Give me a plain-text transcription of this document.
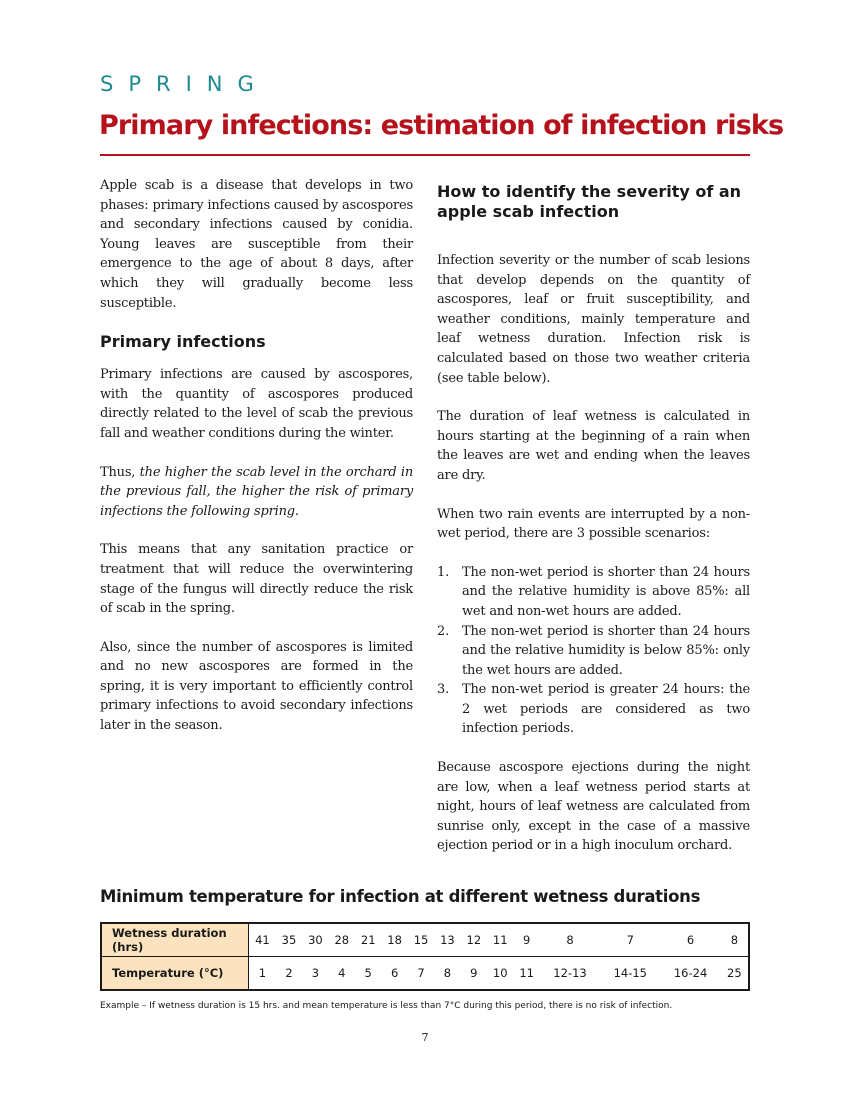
SPRING
Primary infections: estimation of infection risks

Apple scab is a disease that develops in two phases: primary infections caused by ascospores and secondary infections caused by conidia. Young leaves are susceptible from their emergence to the age of about 8 days, after which they will gradually become less susceptible.

Primary infections

Primary infections are caused by ascospores, with the quantity of ascospores produced directly related to the level of scab the previous fall and weather conditions during the winter.

Thus, the higher the scab level in the orchard in the previous fall, the higher the risk of primary infections the following spring.

This means that any sanitation practice or treatment that will reduce the overwintering stage of the fungus will directly reduce the risk of scab in the spring.

Also, since the number of ascospores is limited and no new ascospores are formed in the spring, it is very important to efficiently control primary infections to avoid secondary infections later in the season.

How to identify the severity of an apple scab infection

Infection severity or the number of scab lesions that develop depends on the quantity of ascospores, leaf or fruit susceptibility, and weather conditions, mainly temperature and leaf wetness duration. Infection risk is calculated based on those two weather criteria (see table below).

The duration of leaf wetness is calculated in hours starting at the beginning of a rain when the leaves are wet and ending when the leaves are dry.

When two rain events are interrupted by a non-wet period, there are 3 possible scenarios:

1. The non-wet period is shorter than 24 hours and the relative humidity is above 85%: all wet and non-wet hours are added.
2. The non-wet period is shorter than 24 hours and the relative humidity is below 85%: only the wet hours are added.
3. The non-wet period is greater 24 hours: the 2 wet periods are considered as two infection periods.

Because ascospore ejections during the night are low, when a leaf wetness period starts at night, hours of leaf wetness are calculated from sunrise only, except in the case of a massive ejection period or in a high inoculum orchard.

Minimum temperature for infection at different wetness durations
Wetness duration (hrs)	41	35	30	28	21	18	15	13	12	11	9	8	7	6	8
Temperature (°C)	1	2	3	4	5	6	7	8	9	10	11	12-13	14-15	16-24	25
Example – If wetness duration is 15 hrs. and mean temperature is less than 7°C during this period, there is no risk of infection.
7
